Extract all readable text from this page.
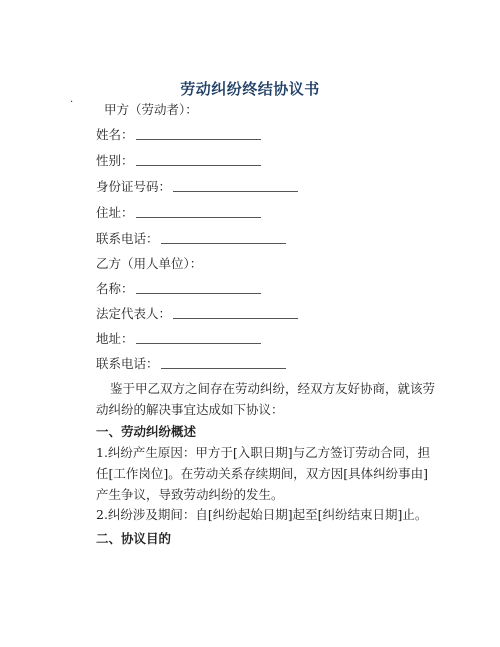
劳动纠纷终结协议书
· 甲方（劳动者）：
姓名：
性别：
身份证号码：
住址：
联系电话：
乙方（用人单位）：
名称：
法定代表人：
地址：
联系电话：
鉴于甲乙双方之间存在劳动纠纷，经双方友好协商，就该劳动纠纷的解决事宜达成如下协议：
一、劳动纠纷概述
1.纠纷产生原因：甲方于[入职日期]与乙方签订劳动合同，担任[工作岗位]。在劳动关系存续期间，双方因[具体纠纷事由]产生争议，导致劳动纠纷的发生。
2.纠纷涉及期间：自[纠纷起始日期]起至[纠纷结束日期]止。
二、协议目的
